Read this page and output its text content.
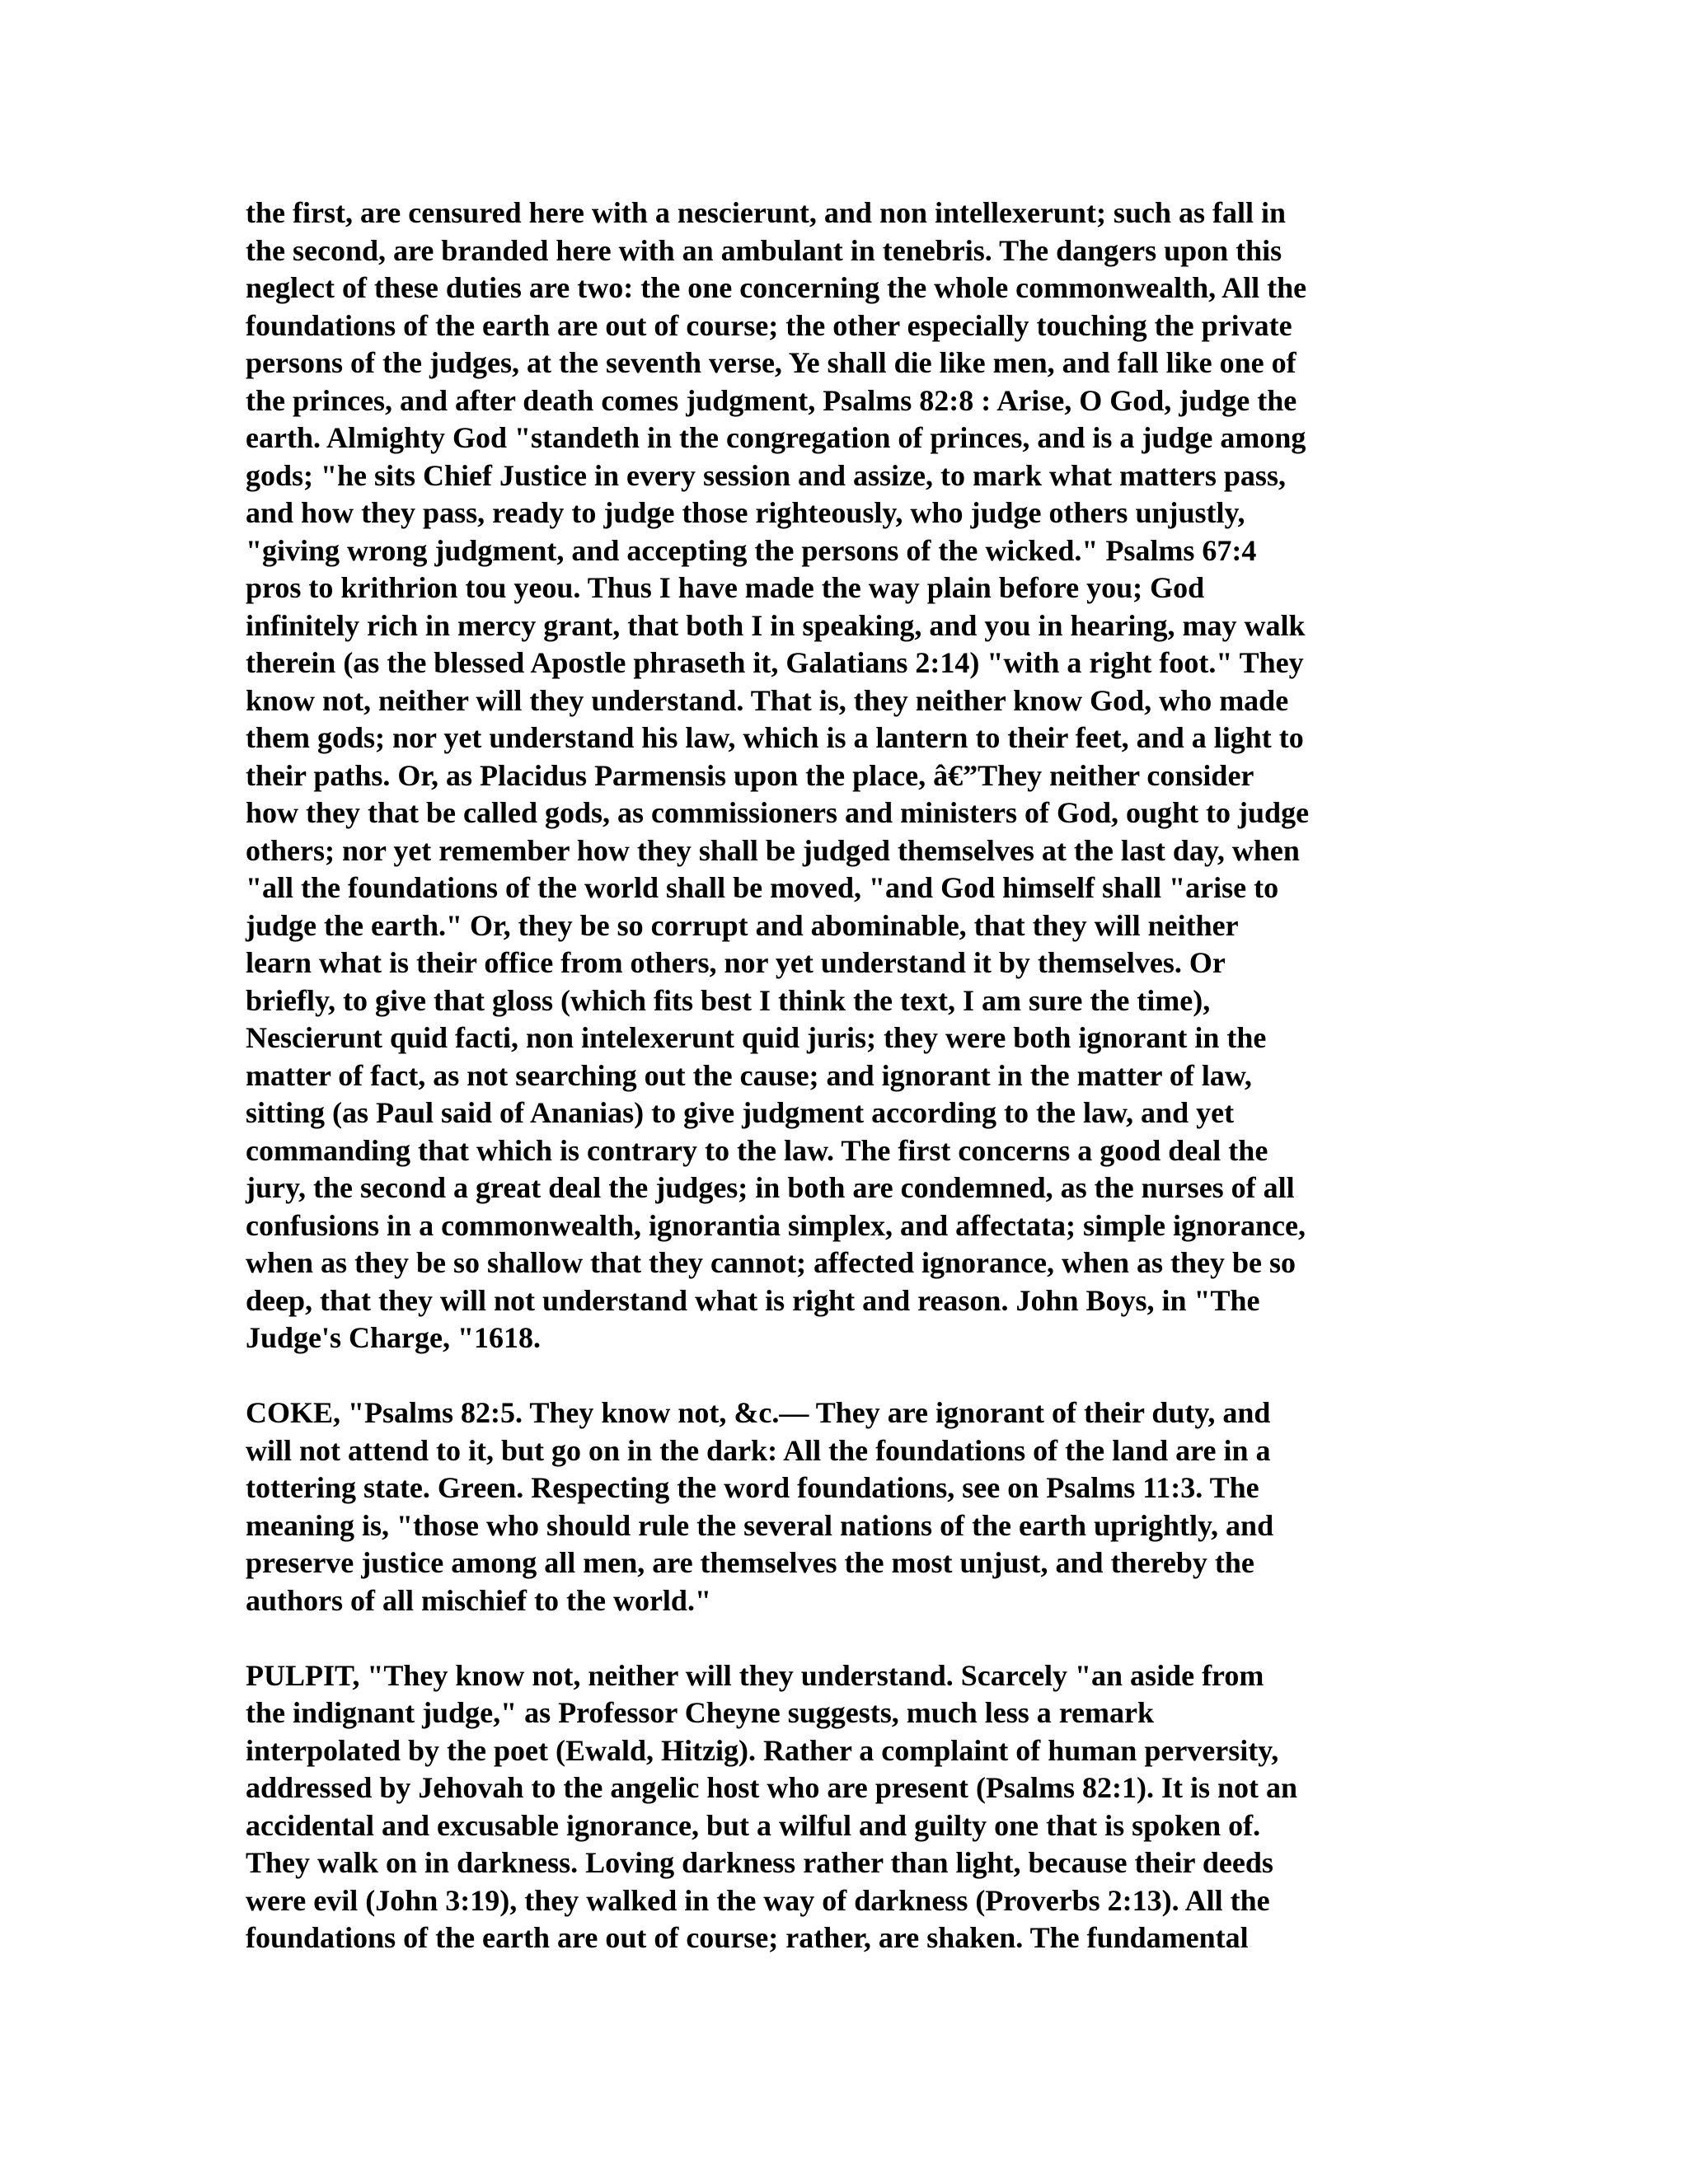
the first, are censured here with a nescierunt, and non intellexerunt; such as fall in
the second, are branded here with an ambulant in tenebris. The dangers upon this
neglect of these duties are two: the one concerning the whole commonwealth, All the
foundations of the earth are out of course; the other especially touching the private
persons of the judges, at the seventh verse, Ye shall die like men, and fall like one of
the princes, and after death comes judgment, Psalms 82:8 : Arise, O God, judge the
earth. Almighty God "standeth in the congregation of princes, and is a judge among
gods; "he sits Chief Justice in every session and assize, to mark what matters pass,
and how they pass, ready to judge those righteously, who judge others unjustly,
"giving wrong judgment, and accepting the persons of the wicked." Psalms 67:4
pros to krithrion tou yeou. Thus I have made the way plain before you; God
infinitely rich in mercy grant, that both I in speaking, and you in hearing, may walk
therein (as the blessed Apostle phraseth it, Galatians 2:14) "with a right foot." They
know not, neither will they understand. That is, they neither know God, who made
them gods; nor yet understand his law, which is a lantern to their feet, and a light to
their paths. Or, as Placidus Parmensis upon the place, â€”They neither consider
how they that be called gods, as commissioners and ministers of God, ought to judge
others; nor yet remember how they shall be judged themselves at the last day, when
"all the foundations of the world shall be moved, "and God himself shall "arise to
judge the earth." Or, they be so corrupt and abominable, that they will neither
learn what is their office from others, nor yet understand it by themselves. Or
briefly, to give that gloss (which fits best I think the text, I am sure the time),
Nescierunt quid facti, non intelexerunt quid juris; they were both ignorant in the
matter of fact, as not searching out the cause; and ignorant in the matter of law,
sitting (as Paul said of Ananias) to give judgment according to the law, and yet
commanding that which is contrary to the law. The first concerns a good deal the
jury, the second a great deal the judges; in both are condemned, as the nurses of all
confusions in a commonwealth, ignorantia simplex, and affectata; simple ignorance,
when as they be so shallow that they cannot; affected ignorance, when as they be so
deep, that they will not understand what is right and reason. John Boys, in "The
Judge's Charge, "1618.
COKE, "Psalms 82:5. They know not, &c.— They are ignorant of their duty, and
will not attend to it, but go on in the dark: All the foundations of the land are in a
tottering state. Green. Respecting the word foundations, see on Psalms 11:3. The
meaning is, "those who should rule the several nations of the earth uprightly, and
preserve justice among all men, are themselves the most unjust, and thereby the
authors of all mischief to the world."
PULPIT, "They know not, neither will they understand. Scarcely "an aside from
the indignant judge," as Professor Cheyne suggests, much less a remark
interpolated by the poet (Ewald, Hitzig). Rather a complaint of human perversity,
addressed by Jehovah to the angelic host who are present (Psalms 82:1). It is not an
accidental and excusable ignorance, but a wilful and guilty one that is spoken of.
They walk on in darkness. Loving darkness rather than light, because their deeds
were evil (John 3:19), they walked in the way of darkness (Proverbs 2:13). All the
foundations of the earth are out of course; rather, are shaken. The fundamental
